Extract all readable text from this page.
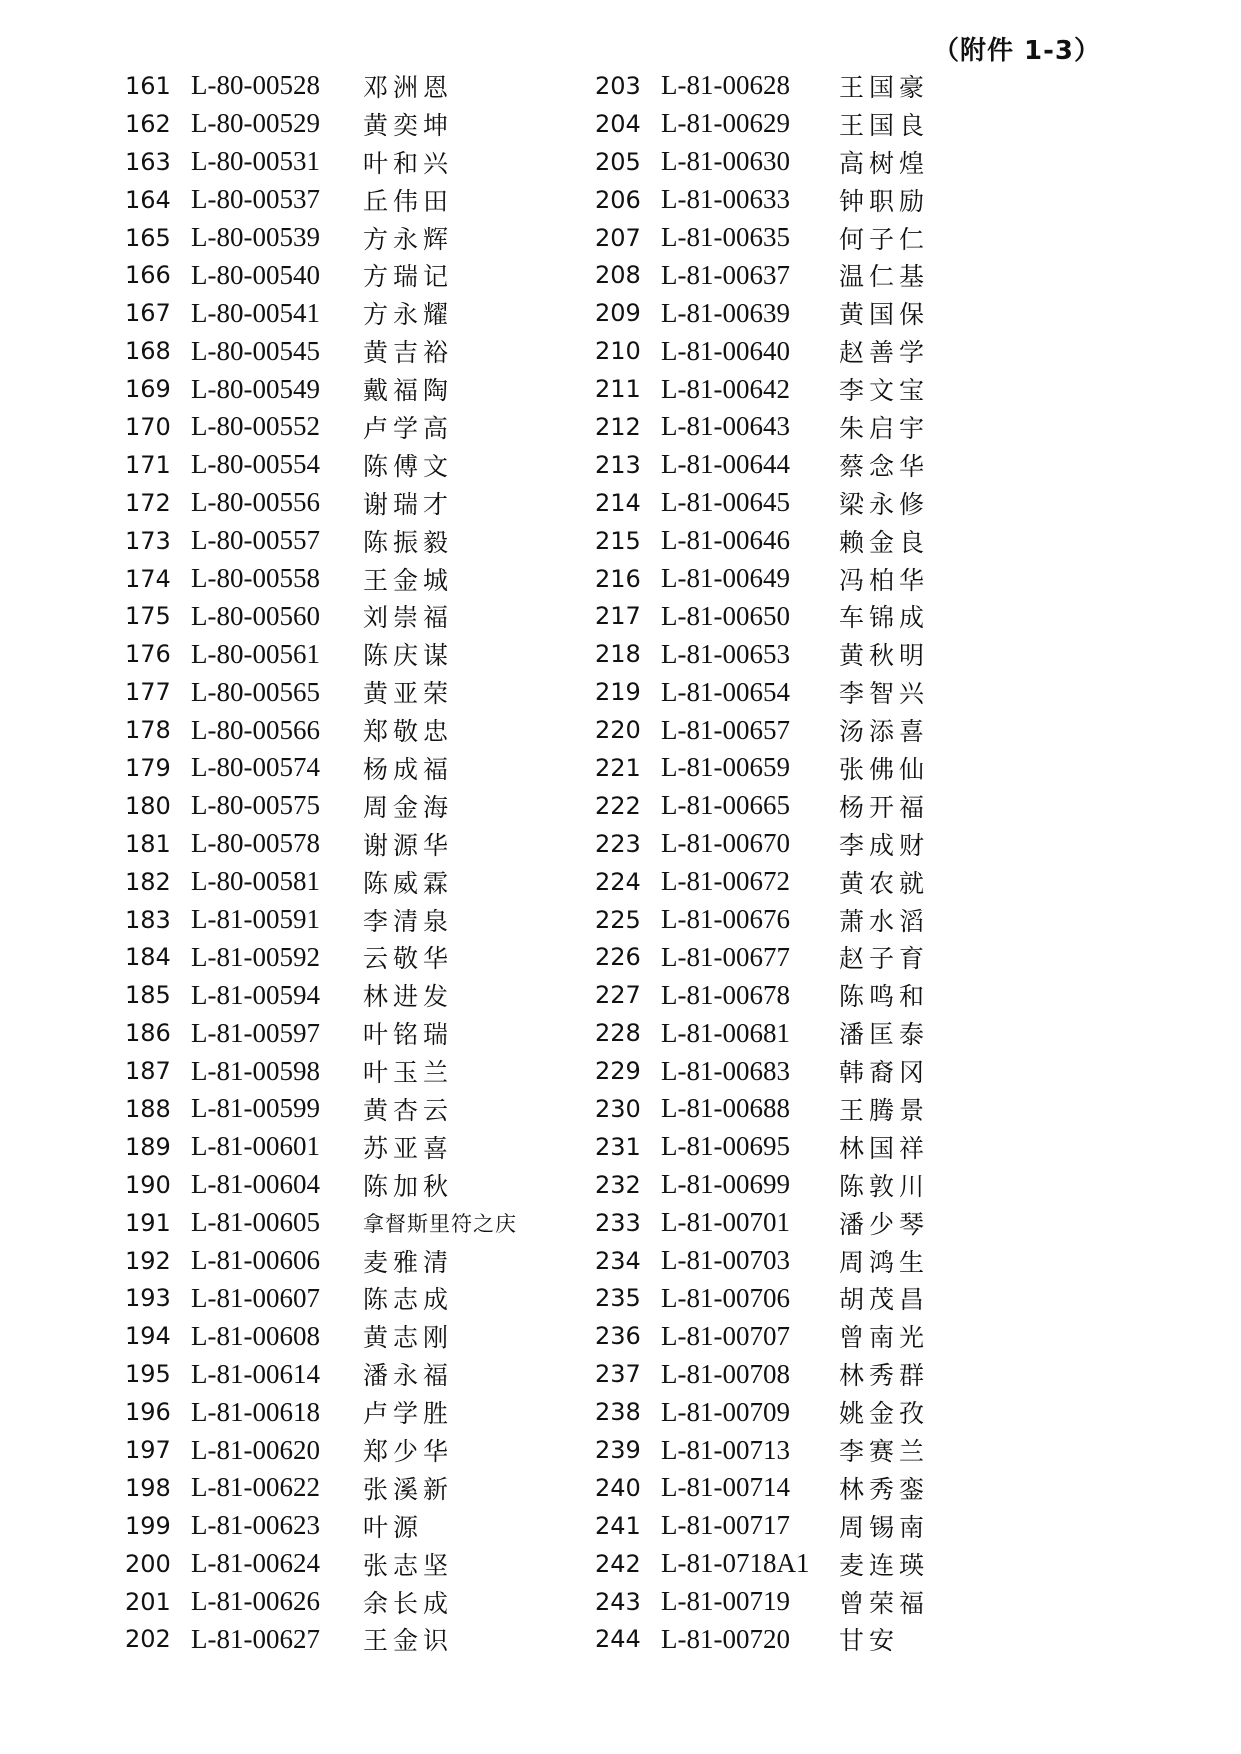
（附件 1-3）
161 L-80-00528	邓洲恩
162 L-80-00529	黄奕坤
163 L-80-00531	叶和兴
164 L-80-00537	丘伟田
165 L-80-00539	方永辉
166 L-80-00540	方瑞记
167 L-80-00541	方永耀
168 L-80-00545	黄吉裕
169 L-80-00549	戴福陶
170 L-80-00552	卢学高
171 L-80-00554	陈傅文
172 L-80-00556	谢瑞才
173 L-80-00557	陈振毅
174 L-80-00558	王金城
175 L-80-00560	刘崇福
176 L-80-00561	陈庆谋
177 L-80-00565	黄亚荣
178 L-80-00566	郑敬忠
179 L-80-00574	杨成福
180 L-80-00575	周金海
181 L-80-00578	谢源华
182 L-80-00581	陈威霖
183 L-81-00591	李清泉
184 L-81-00592	云敬华
185 L-81-00594	林进发
186 L-81-00597	叶铭瑞
187 L-81-00598	叶玉兰
188 L-81-00599	黄杏云
189 L-81-00601	苏亚喜
190 L-81-00604	陈加秋
191 L-81-00605	拿督斯里符之庆
192 L-81-00606	麦雅清
193 L-81-00607	陈志成
194 L-81-00608	黄志刚
195 L-81-00614	潘永福
196 L-81-00618	卢学胜
197 L-81-00620	郑少华
198 L-81-00622	张溪新
199 L-81-00623	叶源
200 L-81-00624	张志坚
201 L-81-00626	余长成
202 L-81-00627	王金识
203 L-81-00628	王国豪
204 L-81-00629	王国良
205 L-81-00630	高树煌
206 L-81-00633	钟职励
207 L-81-00635	何子仁
208 L-81-00637	温仁基
209 L-81-00639	黄国保
210 L-81-00640	赵善学
211 L-81-00642	李文宝
212 L-81-00643	朱启宇
213 L-81-00644	蔡念华
214 L-81-00645	梁永修
215 L-81-00646	赖金良
216 L-81-00649	冯柏华
217 L-81-00650	车锦成
218 L-81-00653	黄秋明
219 L-81-00654	李智兴
220 L-81-00657	汤添喜
221 L-81-00659	张佛仙
222 L-81-00665	杨开福
223 L-81-00670	李成财
224 L-81-00672	黄农就
225 L-81-00676	萧水滔
226 L-81-00677	赵子育
227 L-81-00678	陈鸣和
228 L-81-00681	潘匡泰
229 L-81-00683	韩裔冈
230 L-81-00688	王腾景
231 L-81-00695	林国祥
232 L-81-00699	陈敦川
233 L-81-00701	潘少琴
234 L-81-00703	周鸿生
235 L-81-00706	胡茂昌
236 L-81-00707	曾南光
237 L-81-00708	林秀群
238 L-81-00709	姚金孜
239 L-81-00713	李赛兰
240 L-81-00714	林秀銮
241 L-81-00717	周锡南
242 L-81-0718A1	麦连瑛
243 L-81-00719	曾荣福
244 L-81-00720	甘安
